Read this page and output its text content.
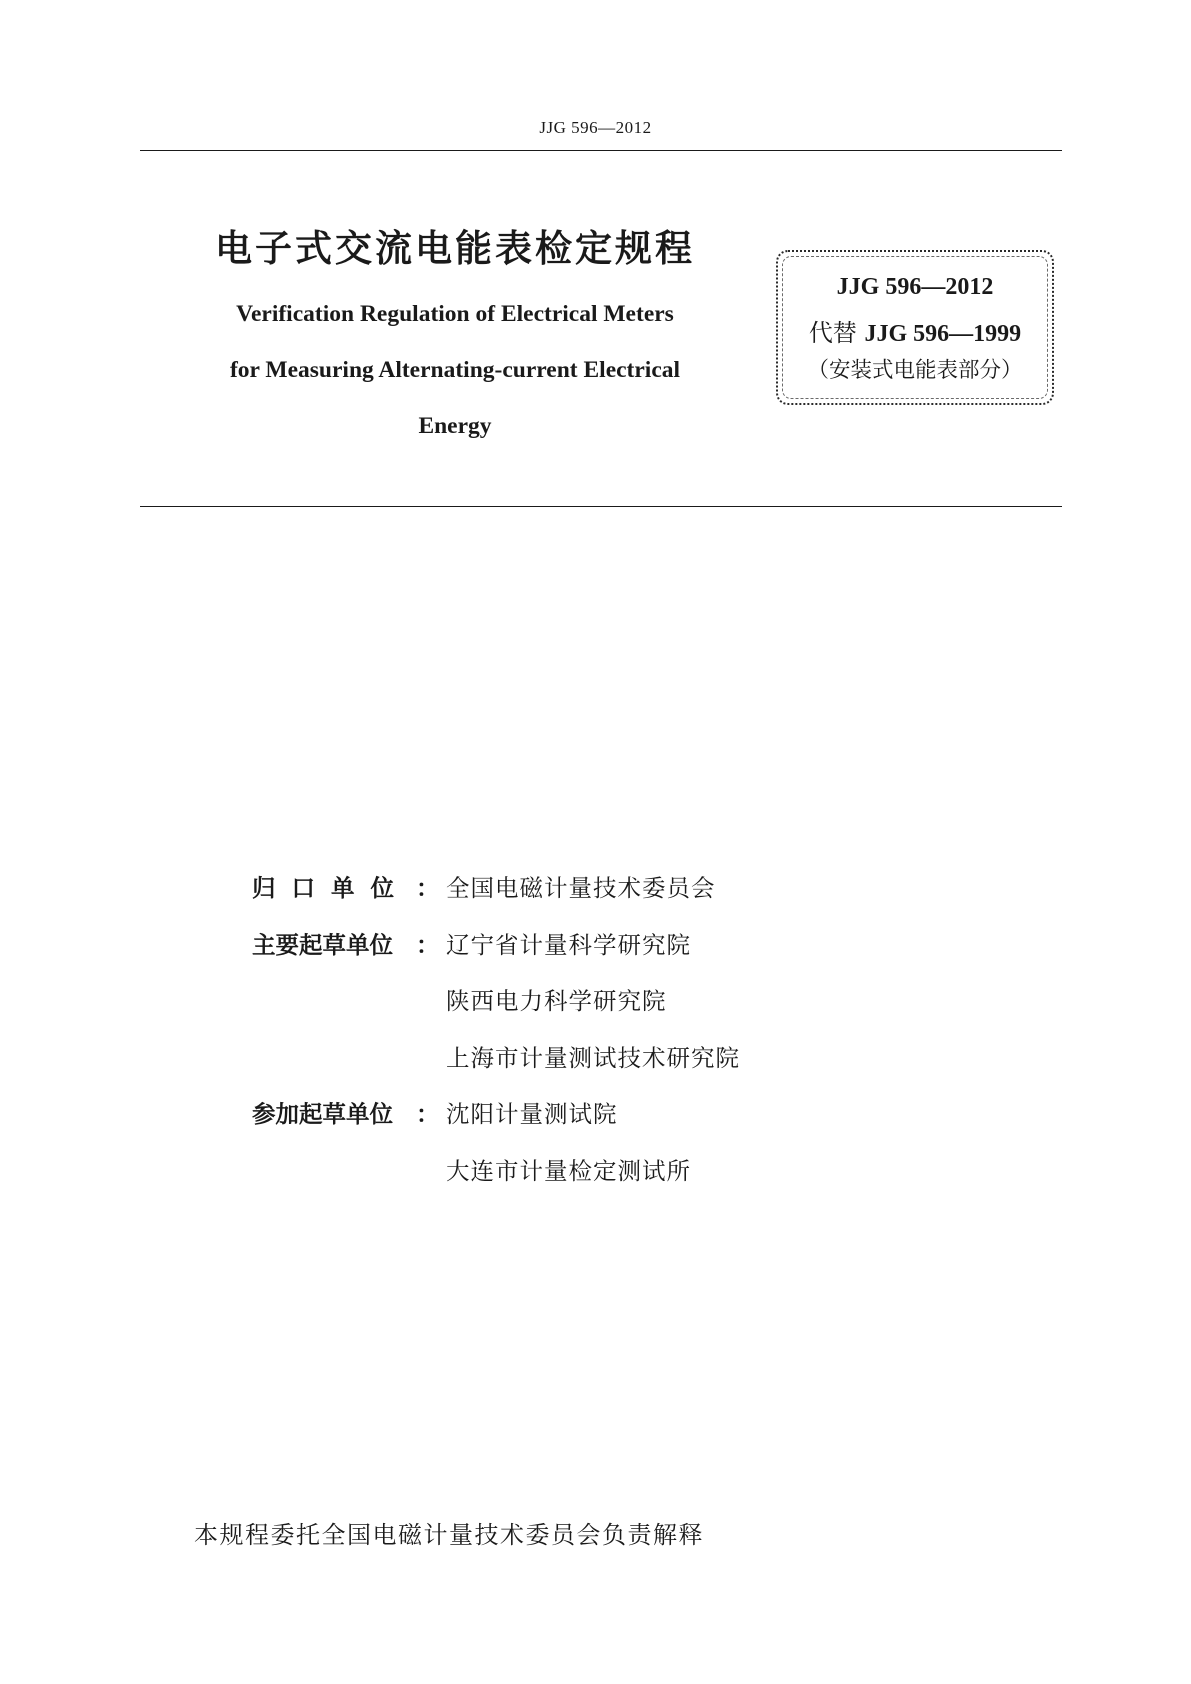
JJG 596—2012
电子式交流电能表检定规程
Verification Regulation of Electrical Meters
for Measuring Alternating-current Electrical
Energy
JJG 596—2012
代替 JJG 596—1999
（安装式电能表部分）
归口单位 ： 全国电磁计量技术委员会
主要起草单位 ： 辽宁省计量科学研究院
陕西电力科学研究院
上海市计量测试技术研究院
参加起草单位 ： 沈阳计量测试院
大连市计量检定测试所
本规程委托全国电磁计量技术委员会负责解释
